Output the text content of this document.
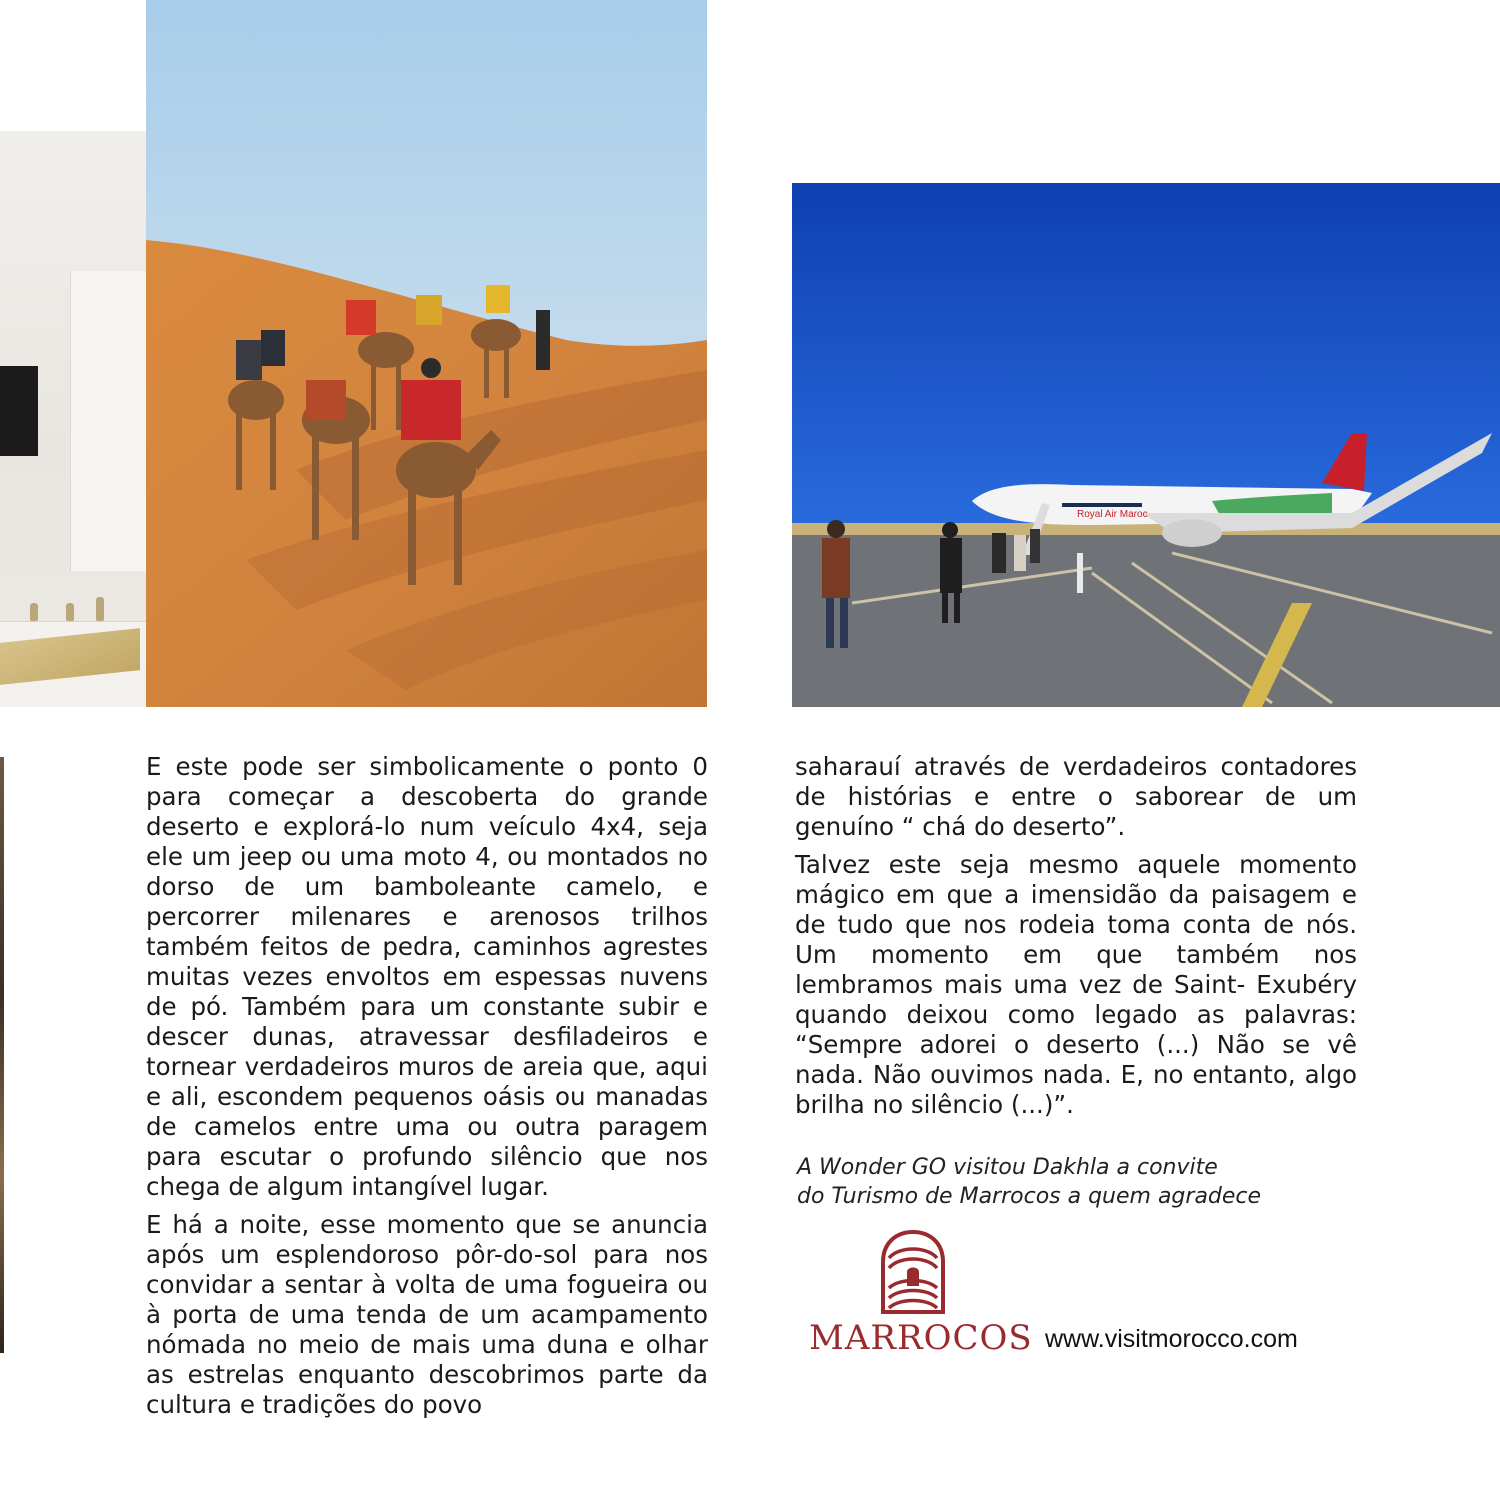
Royal Air Maroc

E este pode ser simbolicamente o ponto 0 para começar a descoberta do grande deserto e explorá-lo num veículo 4x4, seja ele um jeep ou uma moto 4, ou montados no dorso de um bamboleante camelo, e percorrer milenares e arenosos trilhos também feitos de pedra, caminhos agrestes muitas vezes envoltos em espessas nuvens de pó. Também para um constante subir e descer dunas, atravessar desfiladeiros e tornear verdadeiros muros de areia que, aqui e ali, escondem pequenos oásis ou manadas de camelos entre uma ou outra paragem para escutar o profundo silêncio que nos chega de algum intangível lugar.

E há a noite, esse momento que se anuncia após um esplendoroso pôr-do-sol para nos convidar a sentar à volta de uma fogueira ou à porta de uma tenda de um acampamento nómada no meio de mais uma duna e olhar as estrelas enquanto descobrimos parte da cultura e tradições do povo

saharauí através de verdadeiros contadores de histórias e entre o saborear de um genuíno “ chá do deserto”.

Talvez este seja mesmo aquele momento mágico em que a imensidão da paisagem e de tudo que nos rodeia toma conta de nós. Um momento em que também nos lembramos mais uma vez de Saint- Exubéry quando deixou como legado as palavras: “Sempre adorei o deserto (...) Não se vê nada. Não ouvimos nada. E, no entanto, algo brilha no silêncio (...)”.

A Wonder GO visitou Dakhla a convite
do Turismo de Marrocos a quem agradece
MARROCOS www.visitmorocco.com
